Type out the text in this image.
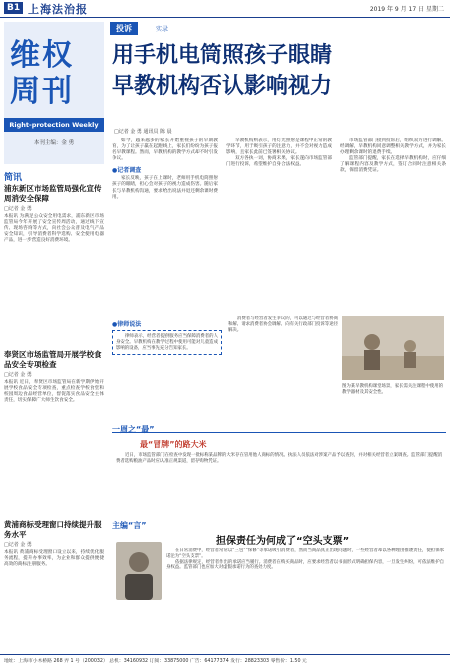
B1 上海法治报	2019 年 9 月 17 日 星期二
维权
周刊
Right-protection Weekly
本刊主编：金 勇
简讯
浦东新区市场监管局强化宣传周消安全保障
□记者 金 勇
本报讯 为满足公众安全用电需求，浦东新区市场监管局今年开展了安全宣传周活动，通过线下宣传、现场咨询等方式，向社会公众普及电气产品安全知识，引导消费者科学选购、安全使用电器产品，进一步营造良好消费环境。
奉贤区市场监管局开展学校食品安全专项检查
□记者 金 勇
本报讯 近日，奉贤区市场监管局在新学期伊始开展学校食品安全专项检查，重点检查学校食堂和校园周边食品经营单位，督促落实食品安全主体责任，切实保障广大师生饮食安全。
黄浦商标受理窗口持续提升服务水平
□记者 金 勇
本报讯 黄浦商标受理窗口设立以来，持续优化服务流程，提升办事效率，为企业和群众提供便捷高效的商标注册服务。
投诉	实录
用手机电筒照孩子眼睛
早教机构否认影响视力
□记者 金 勇 通讯员 陈 晨
如今，越来越多的家长开始重视孩子的早期教育，为了让孩子赢在起跑线上，家长们纷纷为孩子报名早教课程。然而，早教机构的教学方式却不时引发争议。
●记者调查
家长反映，孩子在上课时，老师用手机电筒照射孩子的眼睛，担心会对孩子的视力造成伤害。随后家长与早教机构沟通，要求给出说法并退还剩余课时费用。
早教机构则表示，用灯光照射是课程中正常的教学环节，用于吸引孩子的注意力，并不会对视力造成影响，且家长此前已签署相关协议。
双方各执一词，协商未果，家长遂向市场监管部门进行投诉，希望维护自身合法权益。
市场监管部门接到投诉后，组织双方进行调解。经调解，早教机构同意调整相关教学方式，并为家长办理剩余课时的退费手续。
监管部门提醒，家长在选择早教机构时，应仔细了解课程内容及教学方式，签订合同时注意相关条款，保留消费凭证。
●律师说法
律师表示，经营者提供服务应当保障消费者的人身安全。早教机构在教学过程中使用可能对儿童造成影响的设备，应当事先充分告知家长。
消费者与经营者发生争议的，可以通过与经营者协商和解、请求消费者协会调解、向有关行政部门投诉等途径解决。
图为某早教机构课堂场景，家长需关注课程中使用的教学器材及其安全性。
一周之“最”
最“冒牌”的路大米
近日，市场监管部门在检查中发现一批标称某品牌的大米存在冒用他人商标的情况。执法人员依法对涉案产品予以查封，并对相关经营者立案调查。监管部门提醒消费者选购粮油产品时应认准正规渠道，留存购物凭证。
主编“言”
担保责任为何成了“空头支票”
在日常消费中，经营者常常以“三包”“保修”等承诺吸引消费者，然而当商品真正出现问题时，一些经营者却以各种理由推诿责任，使担保承诺沦为“空头支票”。
依据法律规定，经营者作出的承诺应当履行。消费者在购买商品时，应要求经营者以书面形式明确担保内容，一旦发生纠纷，可依法维护自身权益。监管部门也应加大对虚假承诺行为的查处力度。
地址：上海市小木桥路 268 弄 1 号（200032） 总机：34160932 订阅：33875000 广告：64177374 发行：28823303 零售价：1.50 元
